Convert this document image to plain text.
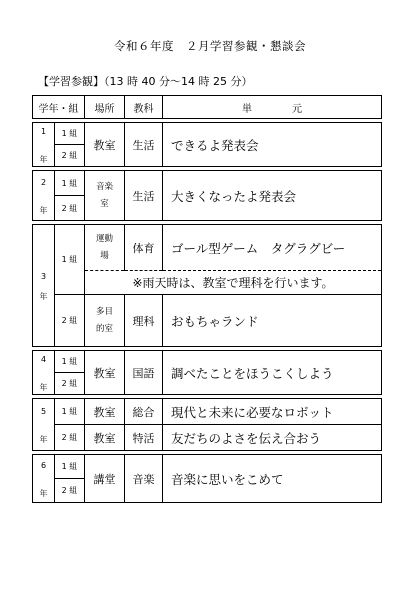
令和６年度　２月学習参観・懇談会
【学習参観】（13 時 40 分～14 時 25 分）
学年・組		場所	教科	単　　　　元

1
年	1 組	教室	生活	できるよ発表会
	2 組			

2
年	1 組	音楽
室	生活	大きくなったよ発表会
	2 組			

3
年	1 組	運動
場	体育	ゴール型ゲーム　タグラグビー
		※雨天時は、教室で理科を行います。		
	2 組	多目
的室	理科	おもちゃランド

4
年	1 組	教室	国語	調べたことをほうこくしよう
	2 組			

5
年	1 組	教室	総合	現代と未来に必要なロボット
	2 組	教室	特活	友だちのよさを伝え合おう

6
年	1 組	講堂	音楽	音楽に思いをこめて
	2 組			
